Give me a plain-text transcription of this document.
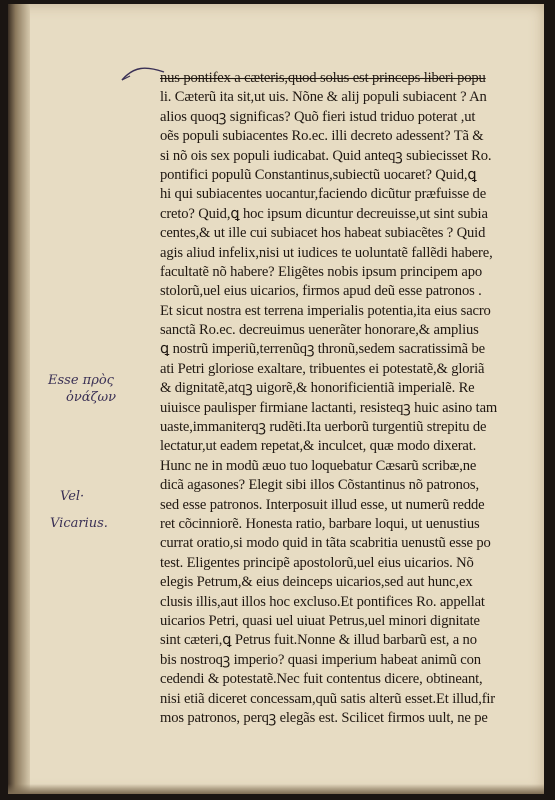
Esse πρὸς
ὀνάζων
Vel·
Vicarius.
nus pontifex a cæteris,quod solus est princeps liberi popu
li. Cæterũ ita sit,ut uis. Nõne & alij populi subiacent ? An
alios quoqꝫ significas? Quõ fieri istud triduo poterat ,ut
oẽs populi subiacentes Ro.ec. illi decreto adessent? Tã &
si nõ ois sex populi iudicabat. Quid anteqꝫ subiecisset Ro.
pontifici populũ Constantinus,subiectũ uocaret? Quid,ꝗ
hi qui subiacentes uocantur,faciendo dicũtur præfuisse de
creto? Quid,ꝗ hoc ipsum dicuntur decreuisse,ut sint subia
centes,& ut ille cui subiacet hos habeat subiacẽtes ? Quid
agis aliud infelix,nisi ut iudices te uoluntatẽ fallẽdi habere,
facultatẽ nõ habere? Eligẽtes nobis ipsum principem apo
stolorũ,uel eius uicarios, firmos apud deũ esse patronos .
Et sicut nostra est terrena imperialis potentia,ita eius sacro
sanctã Ro.ec. decreuimus uenerãter honorare,& amplius
ꝗ nostrũ imperiũ,terrenũqꝫ thronũ,sedem sacratissimã be
ati Petri gloriose exaltare, tribuentes ei potestatẽ,& gloriã
& dignitatẽ,atqꝫ uigorẽ,& honorificientiã imperialẽ. Re
uiuisce paulisper firmiane lactanti, resisteqꝫ huic asino tam
uaste,immaniterqꝫ rudẽti.Ita uerborũ turgentiũ strepitu de
lectatur,ut eadem repetat,& inculcet, quæ modo dixerat.
Hunc ne in modũ æuo tuo loquebatur Cæsarũ scribæ,ne
dicã agasones? Elegit sibi illos Cõstantinus nõ patronos,
sed esse patronos. Interposuit illud esse, ut numerũ redde
ret cõcinniorẽ. Honesta ratio, barbare loqui, ut uenustius
currat oratio,si modo quid in tãta scabritia uenustũ esse po
test. Eligentes principẽ apostolorũ,uel eius uicarios. Nõ
elegis Petrum,& eius deinceps uicarios,sed aut hunc,ex
clusis illis,aut illos hoc excluso.Et pontifices Ro. appellat
uicarios Petri, quasi uel uiuat Petrus,uel minori dignitate
sint cæteri,ꝗ Petrus fuit.Nonne & illud barbarũ est, a no
bis nostroqꝫ imperio? quasi imperium habeat animũ con
cedendi & potestatẽ.Nec fuit contentus dicere, obtineant,
nisi etiã diceret concessam,quũ satis alterũ esset.Et illud,fir
mos patronos, perqꝫ elegãs est. Scilicet firmos uult, ne pe
